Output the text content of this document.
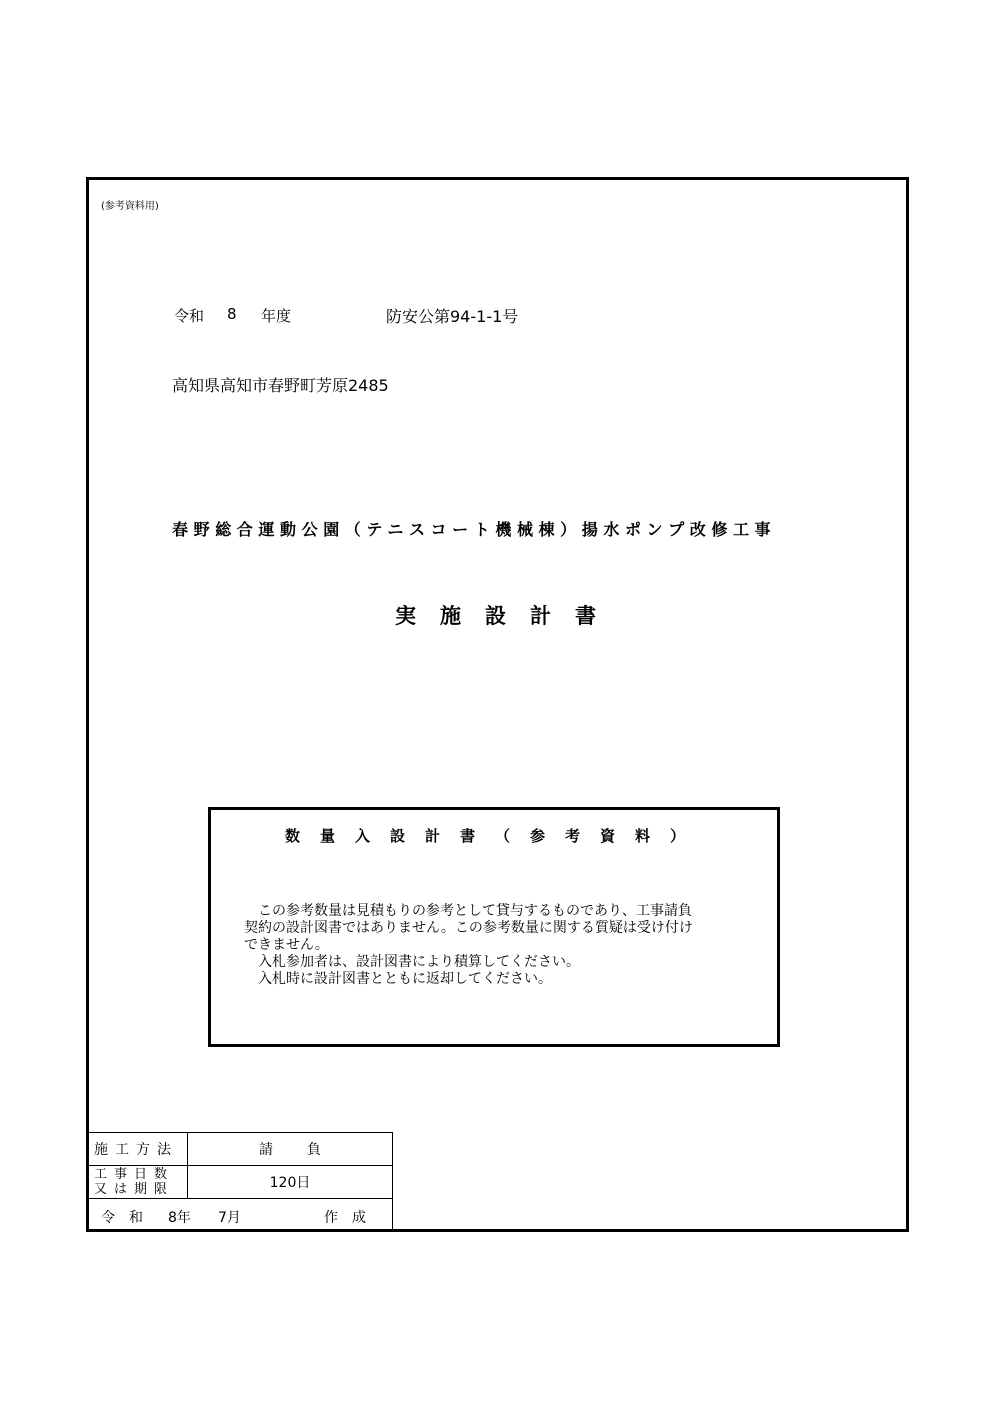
(参考資料用)
令和 8 年度	防安公第94-1-1号
高知県高知市春野町芳原2485
春野総合運動公園（テニスコート機械棟）揚水ポンプ改修工事
実施設計書
数量入設計書（参考資料）

　この参考数量は見積もりの参考として貸与するものであり、工事請負

契約の設計図書ではありません。この参考数量に関する質疑は受け付け

できません。

　入札参加者は、設計図書により積算してください。

　入札時に設計図書とともに返却してください。

施工方法	請負

工事日数
又は期限	120日

令　和 8年 7月 作　成	
